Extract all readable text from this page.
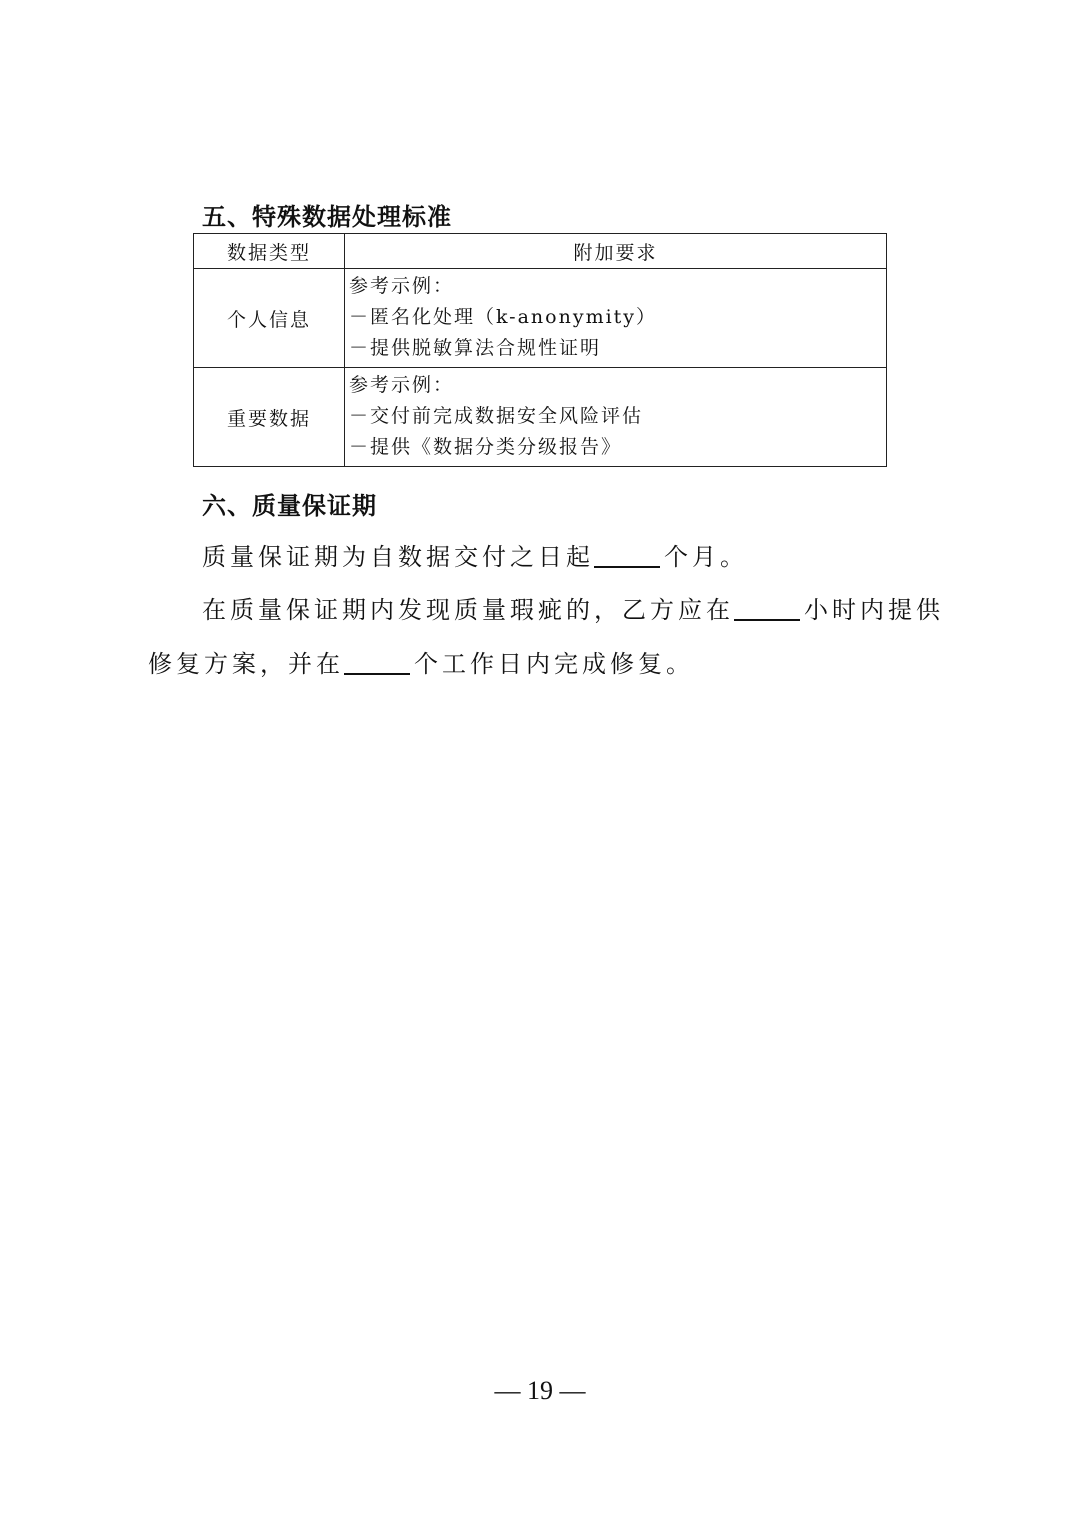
五、特殊数据处理标准
数据类型	附加要求
个人信息	参考示例：
－匿名化处理（k-anonymity）
－提供脱敏算法合规性证明

重要数据	参考示例：
－交付前完成数据安全风险评估
－提供《数据分类分级报告》
六、质量保证期
质量保证期为自数据交付之日起	个月。
在质量保证期内发现质量瑕疵的，乙方应在	小时内提供
修复方案，并在	个工作日内完成修复。
— 19 —
